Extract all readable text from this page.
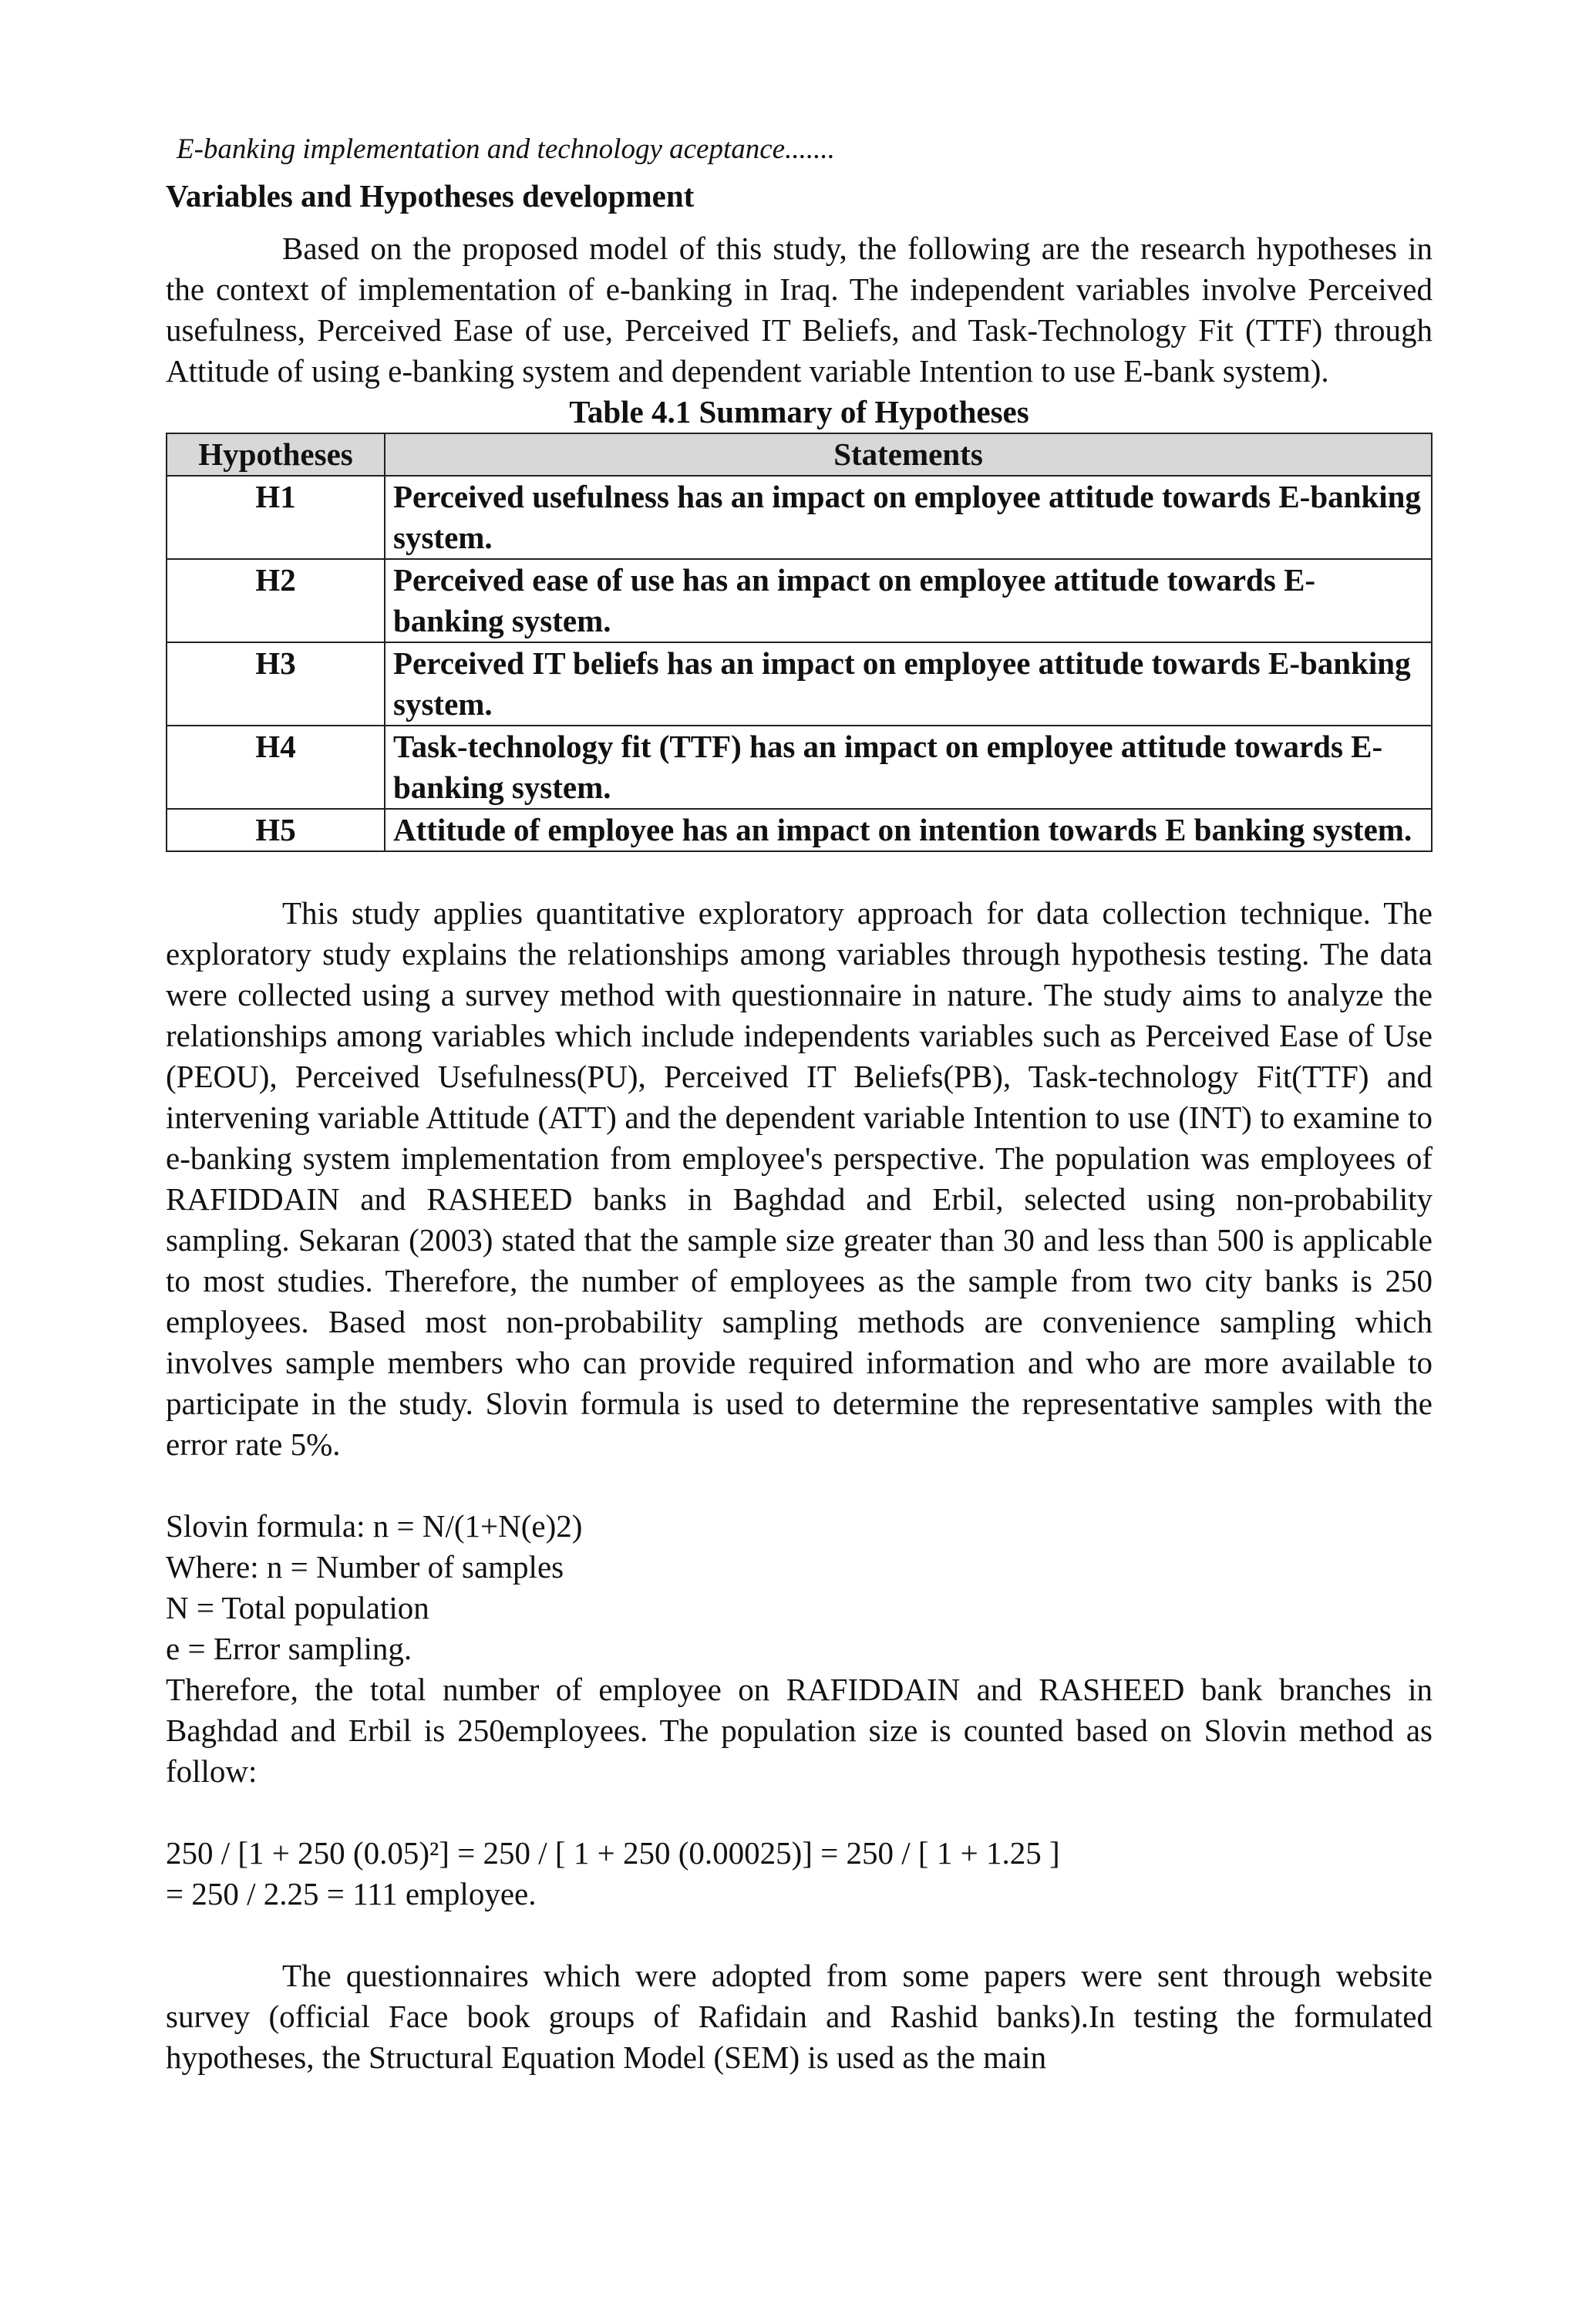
E-banking implementation and technology aceptance.......
Variables and Hypotheses development

Based on the proposed model of this study, the following are the research hypotheses in the context of implementation of e-banking in Iraq. The independent variables involve Perceived usefulness, Perceived Ease of use, Perceived IT Beliefs, and Task-Technology Fit (TTF) through Attitude of using e-banking system and dependent variable Intention to use E-bank system).

Table 4.1 Summary of Hypotheses

Hypotheses	Statements
H1	Perceived usefulness has an impact on employee attitude towards E-banking system.
H2	Perceived ease of use has an impact on employee attitude towards E- banking system.
H3	Perceived IT beliefs has an impact on employee attitude towards E-banking system.
H4	Task-technology fit (TTF) has an impact on employee attitude towards E- banking system.
H5	Attitude of employee has an impact on intention towards E banking system.

This study applies quantitative exploratory approach for data collection technique. The exploratory study explains the relationships among variables through hypothesis testing. The data were collected using a survey method with questionnaire in nature. The study aims to analyze the relationships among variables which include independents variables such as Perceived Ease of Use (PEOU), Perceived Usefulness(PU), Perceived IT Beliefs(PB), Task-technology Fit(TTF) and intervening variable Attitude (ATT) and the dependent variable Intention to use (INT) to examine to e-banking system implementation from employee's perspective. The population was employees of RAFIDDAIN and RASHEED banks in Baghdad and Erbil, selected using non-probability sampling. Sekaran (2003) stated that the sample size greater than 30 and less than 500 is applicable to most studies. Therefore, the number of employees as the sample from two city banks is 250 employees. Based most non-probability sampling methods are convenience sampling which involves sample members who can provide required information and who are more available to participate in the study. Slovin formula is used to determine the representative samples with the error rate 5%.

Slovin formula: n = N/(1+N(e)2)

Where: n = Number of samples

N = Total population

e = Error sampling.

Therefore, the total number of employee on RAFIDDAIN and RASHEED bank branches in Baghdad and Erbil is 250employees. The population size is counted based on Slovin method as follow:

250 / [1 + 250 (0.05)²] = 250 / [ 1 + 250 (0.00025)] = 250 / [ 1 + 1.25 ]

= 250 / 2.25 = 111 employee.

The questionnaires which were adopted from some papers were sent through website survey (official Face book groups of Rafidain and Rashid banks).In testing the formulated hypotheses, the Structural Equation Model (SEM) is used as the main
